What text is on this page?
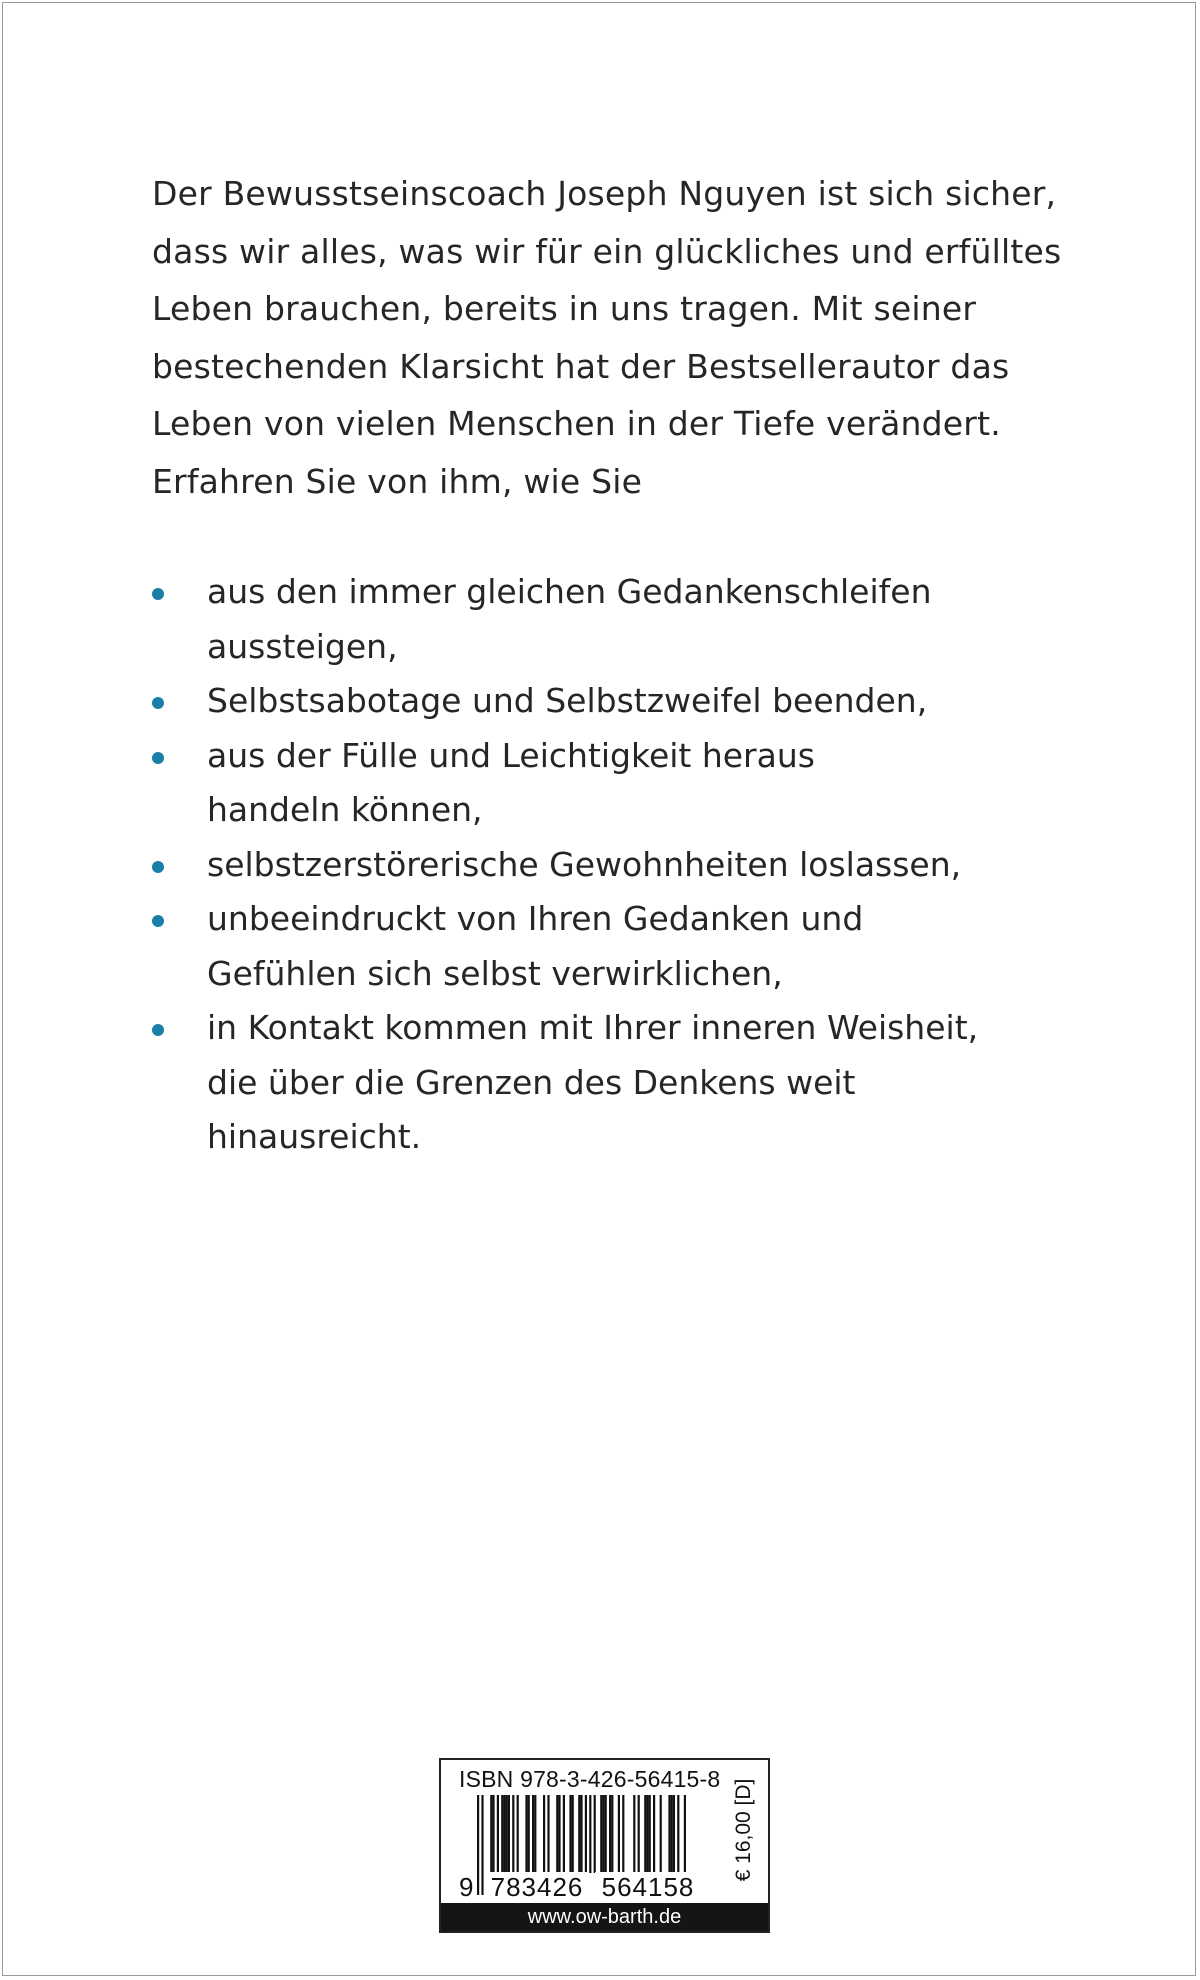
Der Bewusstseinscoach Joseph Nguyen ist sich sicher,
dass wir alles, was wir für ein glückliches und erfülltes
Leben brauchen, bereits in uns tragen. Mit seiner
bestechenden Klarsicht hat der Bestsellerautor das
Leben von vielen Menschen in der Tiefe verändert.
Erfahren Sie von ihm, wie Sie

aus den immer gleichen Gedankenschleifen
aussteigen,
Selbstsabotage und Selbstzweifel beenden,
aus der Fülle und Leichtigkeit heraus
handeln können,
selbstzerstörerische Gewohnheiten loslassen,
unbeeindruckt von Ihren Gedanken und
Gefühlen sich selbst verwirklichen,
in Kontakt kommen mit Ihrer inneren Weisheit,
die über die Grenzen des Denkens weit
hinausreicht.
ISBN 978-3-426-56415-8
9 783426 564158
€ 16,00 [D]
www.ow-barth.de
